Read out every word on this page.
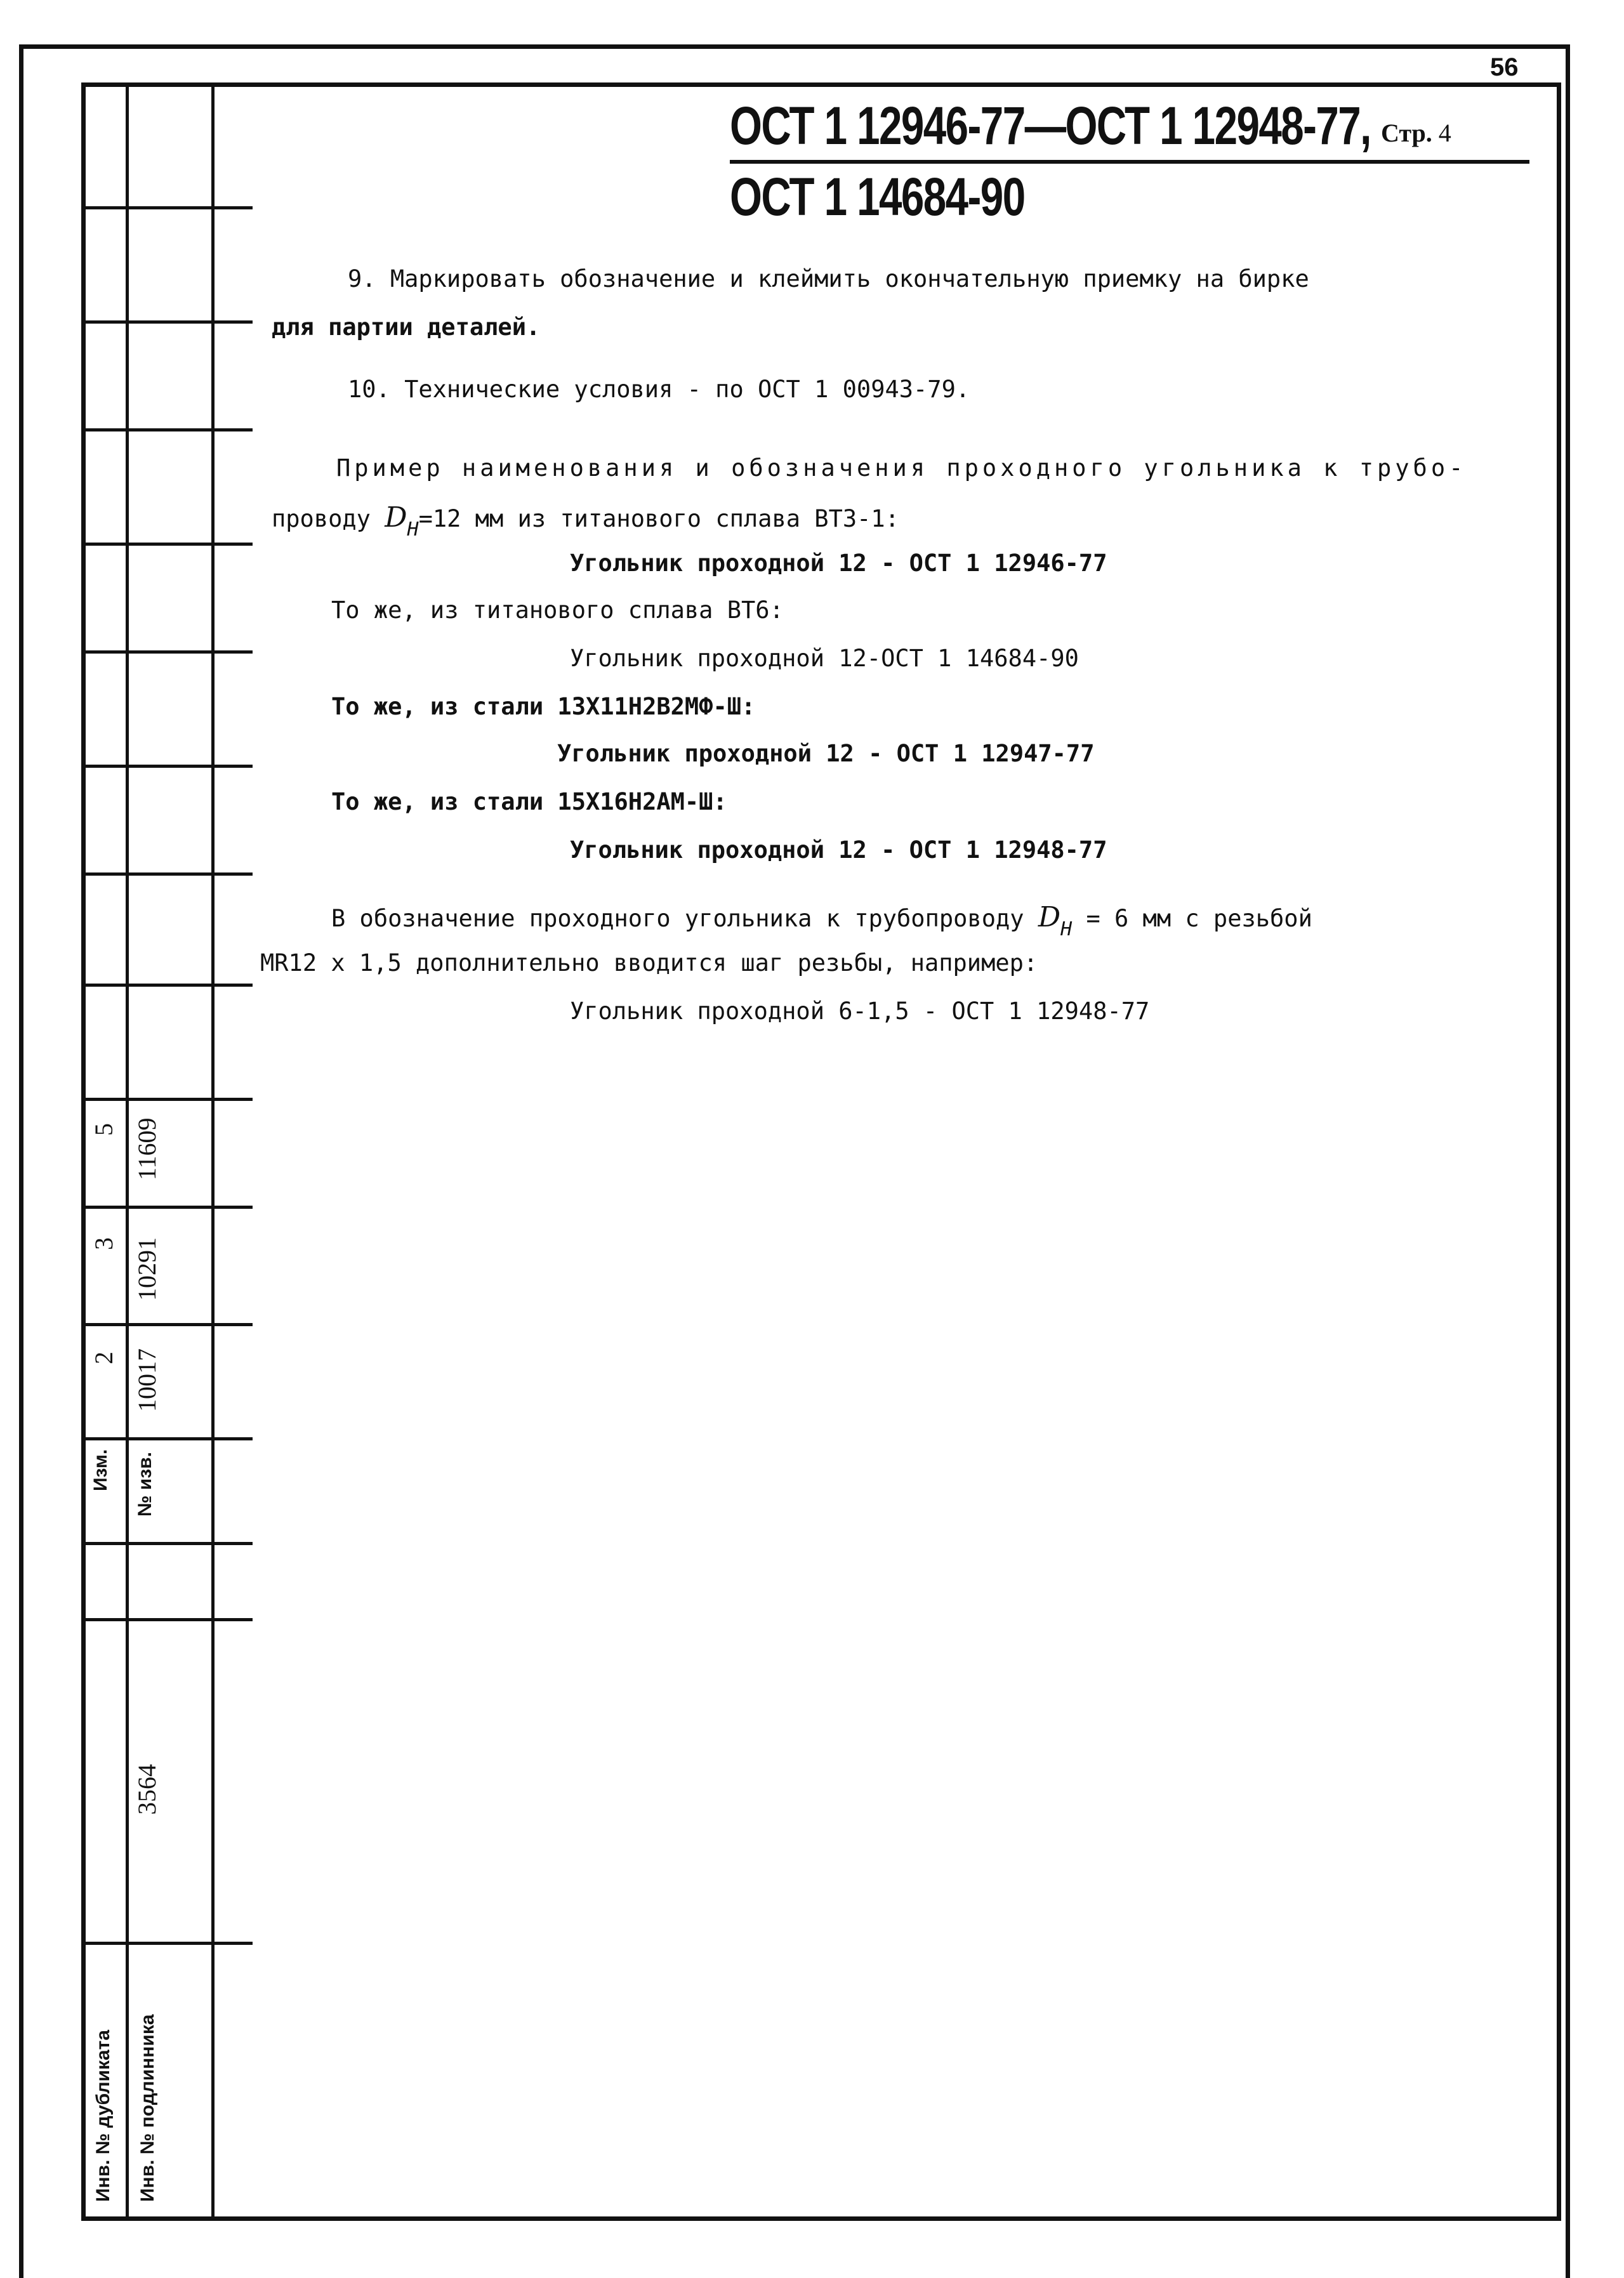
56
5
3
2
Изм.
11609
10291
10017
№ изв.
3564
Инв. № дубликата Инв. № подлинника
ОСТ 1 12946-77—ОСТ 1 12948-77, Стр. 4
ОСТ 1 14684-90
9. Маркировать обозначение и клеймить окончательную приемку на бирке
для партии деталей.
10. Технические условия - по ОСТ 1 00943-79.
Пример наименования и обозначения проходного угольника к трубо-
проводу $D_H=12$ мм из титанового сплава ВТЗ-1:
Угольник проходной 12 - ОСТ 1 12946-77
То же, из титанового сплава ВТ6:
Угольник проходной 12-ОСТ 1 14684-90
То же, из стали 13Х11Н2В2МФ-Ш:
Угольник проходной 12 - ОСТ 1 12947-77
То же, из стали 15Х16Н2АМ-Ш:
Угольник проходной 12 - ОСТ 1 12948-77
В обозначение проходного угольника к трубопроводу $D_H = 6$ мм с резьбой
MR12 x 1,5 дополнительно вводится шаг резьбы, например:
Угольник проходной 6-1,5 - ОСТ 1 12948-77
